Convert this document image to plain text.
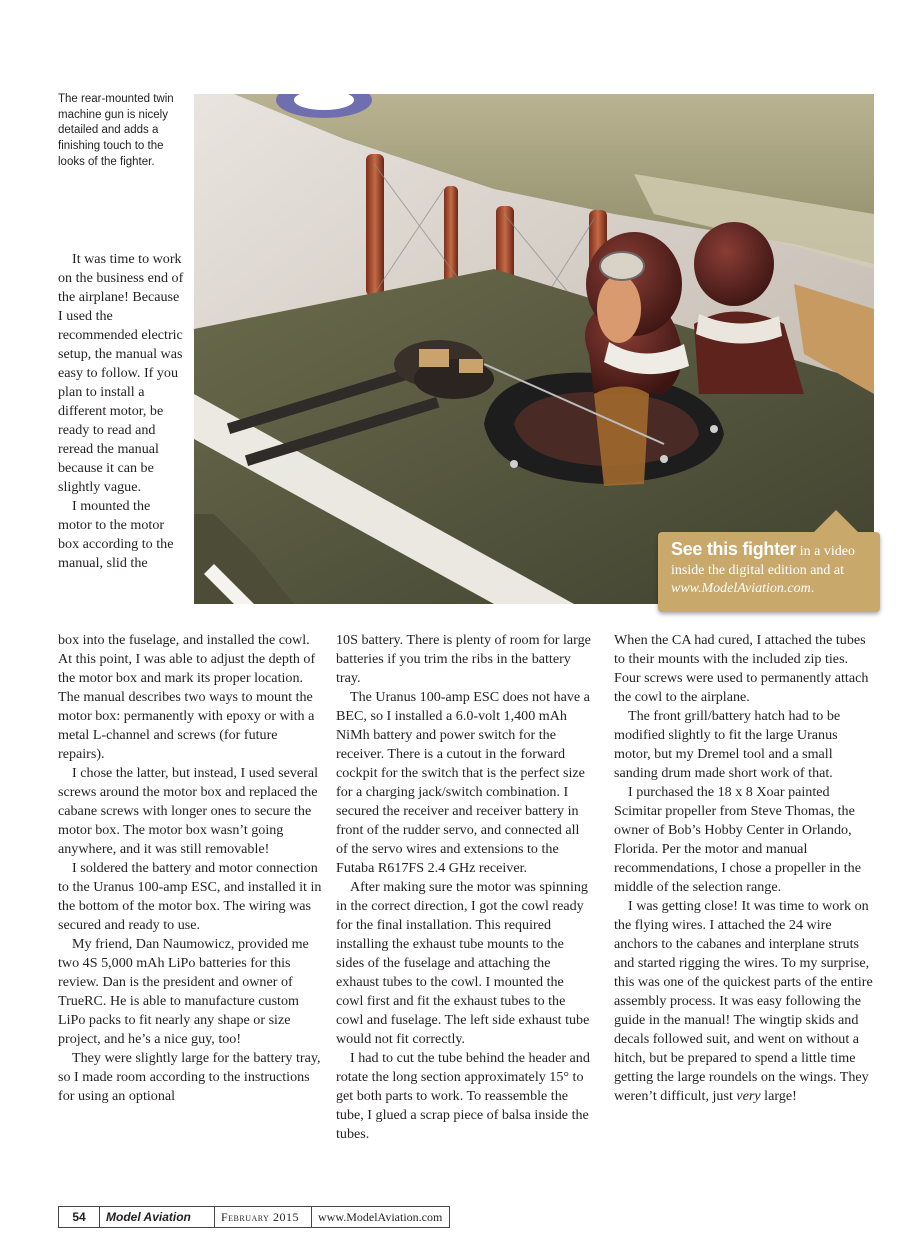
The rear-mounted twin machine gun is nicely detailed and adds a finishing touch to the looks of the fighter.
See this fighter in a video inside the digital edition and at www.ModelAviation.com.

It was time to work on the business end of the airplane! Because I used the recommended electric setup, the manual was easy to follow. If you plan to install a different motor, be ready to read and reread the manual because it can be slightly vague.

I mounted the motor to the motor box according to the manual, slid the

box into the fuselage, and installed the cowl. At this point, I was able to adjust the depth of the motor box and mark its proper location. The manual describes two ways to mount the motor box: permanently with epoxy or with a metal L-channel and screws (for future repairs).

I chose the latter, but instead, I used several screws around the motor box and replaced the cabane screws with longer ones to secure the motor box. The motor box wasn’t going anywhere, and it was still removable!

I soldered the battery and motor connection to the Uranus 100-amp ESC, and installed it in the bottom of the motor box. The wiring was secured and ready to use.

My friend, Dan Naumowicz, provided me two 4S 5,000 mAh LiPo batteries for this review. Dan is the president and owner of TrueRC. He is able to manufacture custom LiPo packs to fit nearly any shape or size project, and he’s a nice guy, too!

They were slightly large for the battery tray, so I made room according to the instructions for using an optional

10S battery. There is plenty of room for large batteries if you trim the ribs in the battery tray.

The Uranus 100-amp ESC does not have a BEC, so I installed a 6.0-volt 1,400 mAh NiMh battery and power switch for the receiver. There is a cutout in the forward cockpit for the switch that is the perfect size for a charging jack/switch combination. I secured the receiver and receiver battery in front of the rudder servo, and connected all of the servo wires and extensions to the Futaba R617FS 2.4 GHz receiver.

After making sure the motor was spinning in the correct direction, I got the cowl ready for the final installation. This required installing the exhaust tube mounts to the sides of the fuselage and attaching the exhaust tubes to the cowl. I mounted the cowl first and fit the exhaust tubes to the cowl and fuselage. The left side exhaust tube would not fit correctly.

I had to cut the tube behind the header and rotate the long section approximately 15° to get both parts to work. To reassemble the tube, I glued a scrap piece of balsa inside the tubes.

When the CA had cured, I attached the tubes to their mounts with the included zip ties. Four screws were used to permanently attach the cowl to the airplane.

The front grill/battery hatch had to be modified slightly to fit the large Uranus motor, but my Dremel tool and a small sanding drum made short work of that.

I purchased the 18 x 8 Xoar painted Scimitar propeller from Steve Thomas, the owner of Bob’s Hobby Center in Orlando, Florida. Per the motor and manual recommendations, I chose a propeller in the middle of the selection range.

I was getting close! It was time to work on the flying wires. I attached the 24 wire anchors to the cabanes and interplane struts and started rigging the wires. To my surprise, this was one of the quickest parts of the entire assembly process. It was easy following the guide in the manual! The wingtip skids and decals followed suit, and went on without a hitch, but be prepared to spend a little time getting the large roundels on the wings. They weren’t difficult, just very large!

54	Model Aviation	February 2015	www.ModelAviation.com
